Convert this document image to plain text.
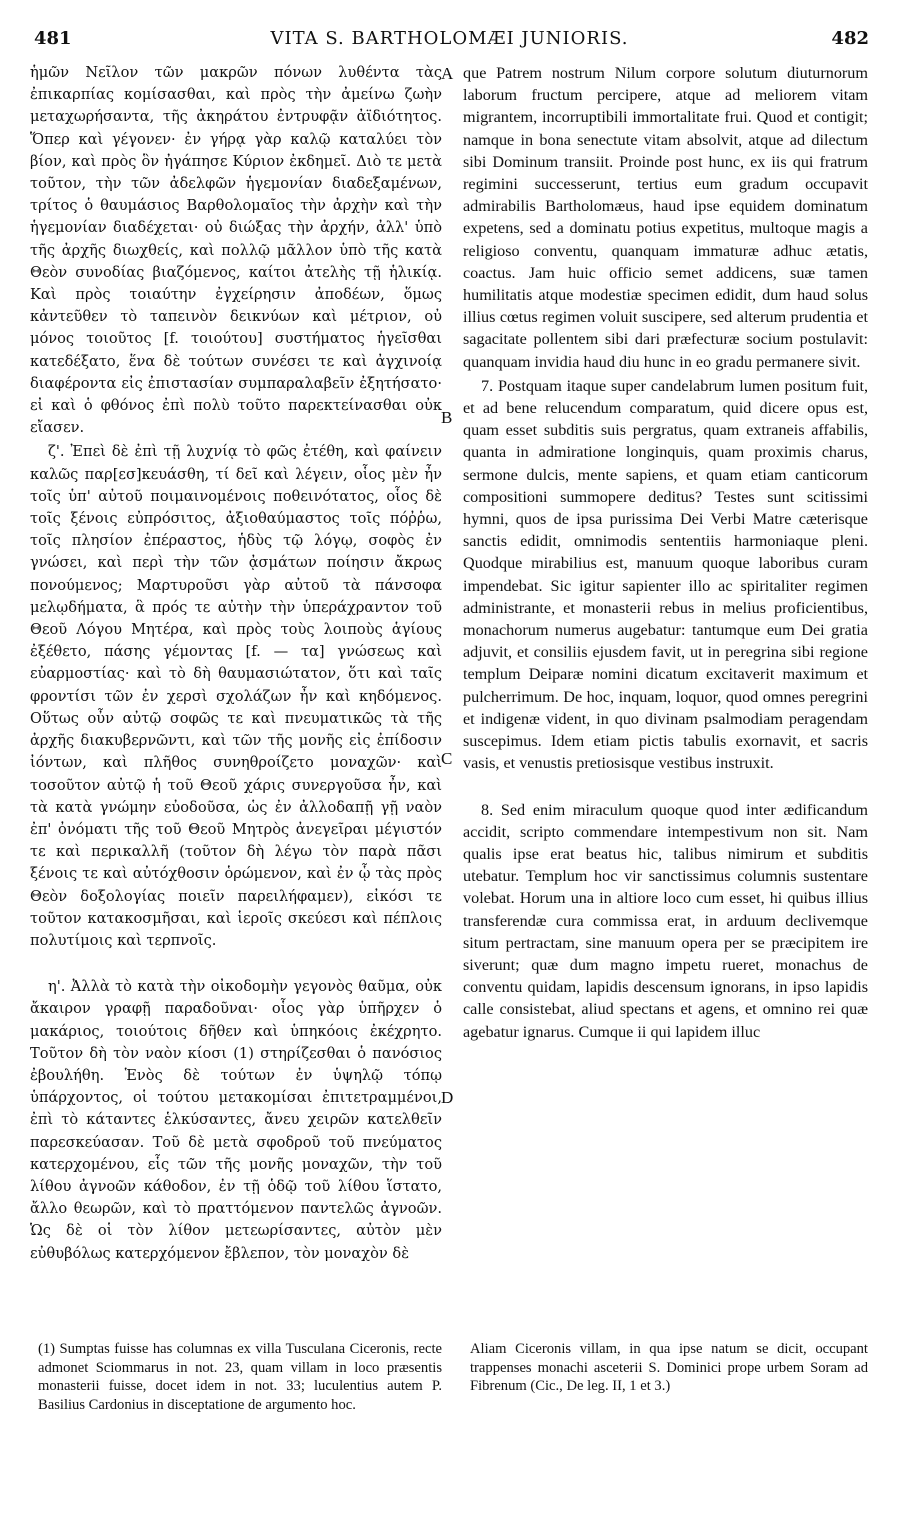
481	VITA S. BARTHOLOMÆI JUNIORIS.	482

ἡμῶν Νεῖλον τῶν μακρῶν πόνων λυθέντα τὰς ἐπικαρπίας κομίσασθαι, καὶ πρὸς τὴν ἀμείνω ζωὴν μεταχωρήσαντα, τῆς ἀκηράτου ἐντρυφᾷν ἀϊδιότητος. Ὅπερ καὶ γέγονεν· ἐν γήρᾳ γὰρ καλῷ καταλύει τὸν βίον, καὶ πρὸς ὃν ἠγάπησε Κύριον ἐκδημεῖ. Διὸ τε μετὰ τοῦτον, τὴν τῶν ἀδελφῶν ἡγεμονίαν διαδεξαμένων, τρίτος ὁ θαυμάσιος Βαρθολομαῖος τὴν ἀρχὴν καὶ τὴν ἡγεμονίαν διαδέχεται· οὐ διώξας τὴν ἀρχήν, ἀλλ' ὑπὸ τῆς ἀρχῆς διωχθείς, καὶ πολλῷ μᾶλλον ὑπὸ τῆς κατὰ Θεὸν συνοδίας βιαζόμενος, καίτοι ἀτελὴς τῇ ἡλικίᾳ. Καὶ πρὸς τοιαύτην ἐγχείρησιν ἀποδέων, ὅμως κἀντεῦθεν τὸ ταπεινὸν δεικνύων καὶ μέτριον, οὐ μόνος τοιοῦτος [f. τοιούτου] συστήματος ἡγεῖσθαι κατεδέξατο, ἕνα δὲ τούτων συνέσει τε καὶ ἀγχινοίᾳ διαφέροντα εἰς ἐπιστασίαν συμπαραλαβεῖν ἐξητήσατο· εἰ καὶ ὁ φθόνος ἐπὶ πολὺ τοῦτο παρεκτείνασθαι οὐκ εἴασεν.

ζ'. Ἐπεὶ δὲ ἐπὶ τῇ λυχνίᾳ τὸ φῶς ἐτέθη, καὶ φαίνειν καλῶς παρ[εσ]κευάσθη, τί δεῖ καὶ λέγειν, οἷος μὲν ἦν τοῖς ὑπ' αὐτοῦ ποιμαινομένοις ποθεινότατος, οἷος δὲ τοῖς ξένοις εὐπρόσιτος, ἀξιοθαύμαστος τοῖς πόῤῥω, τοῖς πλησίον ἐπέραστος, ἡδὺς τῷ λόγῳ, σοφὸς ἐν γνώσει, καὶ περὶ τὴν τῶν ᾀσμάτων ποίησιν ἄκρως πονούμενος; Μαρτυροῦσι γὰρ αὐτοῦ τὰ πάνσοφα μελῳδήματα, ἃ πρός τε αὐτὴν τὴν ὑπεράχραντον τοῦ Θεοῦ Λόγου Μητέρα, καὶ πρὸς τοὺς λοιποὺς ἁγίους ἐξέθετο, πάσης γέμοντας [f. — τα] γνώσεως καὶ εὐαρμοστίας· καὶ τὸ δὴ θαυμασιώτατον, ὅτι καὶ ταῖς φροντίσι τῶν ἐν χερσὶ σχολάζων ἦν καὶ κηδόμενος. Οὕτως οὖν αὐτῷ σοφῶς τε καὶ πνευματικῶς τὰ τῆς ἀρχῆς διακυβερνῶντι, καὶ τῶν τῆς μονῆς εἰς ἐπίδοσιν ἰόντων, καὶ πλῆθος συνηθροίζετο μοναχῶν· καὶ τοσοῦτον αὐτῷ ἡ τοῦ Θεοῦ χάρις συνεργοῦσα ἦν, καὶ τὰ κατὰ γνώμην εὐοδοῦσα, ὡς ἐν ἀλλοδαπῇ γῇ ναὸν ἐπ' ὀνόματι τῆς τοῦ Θεοῦ Μητρὸς ἀνεγεῖραι μέγιστόν τε καὶ περικαλλῆ (τοῦτον δὴ λέγω τὸν παρὰ πᾶσι ξένοις τε καὶ αὐτόχθοσιν ὁρώμενον, καὶ ἐν ᾧ τὰς πρὸς Θεὸν δοξολογίας ποιεῖν παρειλήφαμεν), εἰκόσι τε τοῦτον κατακοσμῆσαι, καὶ ἱεροῖς σκεύεσι καὶ πέπλοις πολυτίμοις καὶ τερπνοῖς.

η'. Ἀλλὰ τὸ κατὰ τὴν οἰκοδομὴν γεγονὸς θαῦμα, οὐκ ἄκαιρον γραφῇ παραδοῦναι· οἷος γὰρ ὑπῆρχεν ὁ μακάριος, τοιούτοις δῆθεν καὶ ὑπηκόοις ἐκέχρητο. Τοῦτον δὴ τὸν ναὸν κίοσι (1) στηρίζεσθαι ὁ πανόσιος ἐβουλήθη. Ἑνὸς δὲ τούτων ἐν ὑψηλῷ τόπῳ ὑπάρχοντος, οἱ τούτου μετακομίσαι ἐπιτετραμμένοι, ἐπὶ τὸ κάταντες ἑλκύσαντες, ἄνευ χειρῶν κατελθεῖν παρεσκεύασαν. Τοῦ δὲ μετὰ σφοδροῦ τοῦ πνεύματος κατερχομένου, εἷς τῶν τῆς μονῆς μοναχῶν, τὴν τοῦ λίθου ἀγνοῶν κάθοδον, ἐν τῇ ὁδῷ τοῦ λίθου ἵστατο, ἄλλο θεωρῶν, καὶ τὸ πραττόμενον παντελῶς ἀγνοῶν. Ὡς δὲ οἱ τὸν λίθον μετεωρίσαντες, αὐτὸν μὲν εὐθυβόλως κατερχόμενον ἔβλεπον, τὸν μοναχὸν δὲ

A
B
C
D

que Patrem nostrum Nilum corpore solutum diuturnorum laborum fructum percipere, atque ad meliorem vitam migrantem, incorruptibili immortalitate frui. Quod et contigit; namque in bona senectute vitam absolvit, atque ad dilectum sibi Dominum transiit. Proinde post hunc, ex iis qui fratrum regimini successerunt, tertius eum gradum occupavit admirabilis Bartholomæus, haud ipse equidem dominatum expetens, sed a dominatu potius expetitus, multoque magis a religioso conventu, quanquam immaturæ adhuc ætatis, coactus. Jam huic officio semet addicens, suæ tamen humilitatis atque modestiæ specimen edidit, dum haud solus illius cœtus regimen voluit suscipere, sed alterum prudentia et sagacitate pollentem sibi dari præfecturæ socium postulavit: quanquam invidia haud diu hunc in eo gradu permanere sivit.

7. Postquam itaque super candelabrum lumen positum fuit, et ad bene relucendum comparatum, quid dicere opus est, quam esset subditis suis pergratus, quam extraneis affabilis, quanta in admiratione longinquis, quam proximis charus, sermone dulcis, mente sapiens, et quam etiam canticorum compositioni summopere deditus? Testes sunt scitissimi hymni, quos de ipsa purissima Dei Verbi Matre cæterisque sanctis edidit, omnimodis sententiis harmoniaque pleni. Quodque mirabilius est, manuum quoque laboribus curam impendebat. Sic igitur sapienter illo ac spiritaliter regimen administrante, et monasterii rebus in melius proficientibus, monachorum numerus augebatur: tantumque eum Dei gratia adjuvit, et consiliis ejusdem favit, ut in peregrina sibi regione templum Deiparæ nomini dicatum excitaverit maximum et pulcherrimum. De hoc, inquam, loquor, quod omnes peregrini et indigenæ vident, in quo divinam psalmodiam peragendam suscepimus. Idem etiam pictis tabulis exornavit, et sacris vasis, et venustis pretiosisque vestibus instruxit.

8. Sed enim miraculum quoque quod inter ædificandum accidit, scripto commendare intempestivum non sit. Nam qualis ipse erat beatus hic, talibus nimirum et subditis utebatur. Templum hoc vir sanctissimus columnis sustentare volebat. Horum una in altiore loco cum esset, hi quibus illius transferendæ cura commissa erat, in arduum declivemque situm pertractam, sine manuum opera per se præcipitem ire siverunt; quæ dum magno impetu rueret, monachus de conventu quidam, lapidis descensum ignorans, in ipso lapidis calle consistebat, aliud spectans et agens, et omnino rei quæ agebatur ignarus. Cumque ii qui lapidem illuc

(1) Sumptas fuisse has columnas ex villa Tusculana Ciceronis, recte admonet Sciommarus in not. 23, quam villam in loco præsentis monasterii fuisse, docet idem in not. 33; luculentius autem P. Basilius Cardonius in disceptatione de argumento hoc.
Aliam Ciceronis villam, in qua ipse natum se dicit, occupant trappenses monachi asceterii S. Dominici prope urbem Soram ad Fibrenum (Cic., De leg. II, 1 et 3.)
